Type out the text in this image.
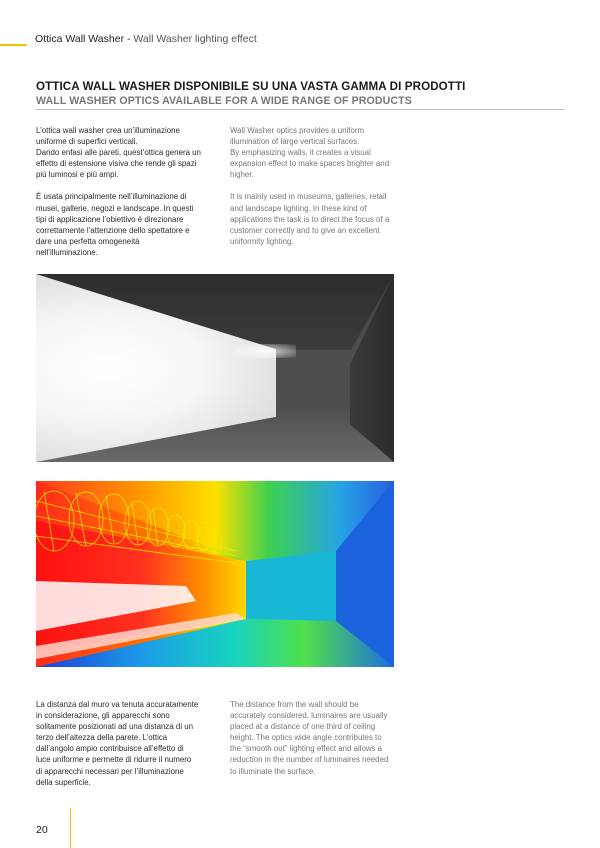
Ottica Wall Washer - Wall Washer lighting effect
OTTICA WALL WASHER DISPONIBILE SU UNA VASTA GAMMA DI PRODOTTI
WALL WASHER OPTICS AVAILABLE FOR A WIDE RANGE OF PRODUCTS

L’ottica wall washer crea un’illuminazione
uniforme di superfici verticali.
Dando enfasi alle pareti, quest’ottica genera un
effetto di estensione visiva che rende gli spazi
più luminosi e più ampi.

È usata principalmente nell’illuminazione di
musei, gallerie, negozi e landscape. In questi
tipi di applicazione l’obiettivo è direzionare
correttamente l’attenzione dello spettatore e
dare una perfetta omogeneità
nell’illuminazione.

Wall Washer optics provides a uniform
illumination of large vertical surfaces.
By emphasizing walls, it creates a visual
expansion effect to make spaces brighter and
higher.

It is mainly used in museums, galleries, retail
and landscape lighting. In these kind of
applications the task is to direct the focus of a
customer correctly and to give an excellent
uniformity lighting.

La distanza dal muro va tenuta accuratamente
in considerazione, gli apparecchi sono
solitamente posizionati ad una distanza di un
terzo dell’altezza della parete. L’ottica
dall’angolo ampio contribuisce all’effetto di
luce uniforme e permette di ridurre il numero
di apparecchi necessari per l’illuminazione
della superficie.

The distance from the wall should be
accurately considered, luminaires are usually
placed at a distance of one third of ceiling
height. The optics wide angle contributes to
the “smooth out” lighting effect and allows a
reduction in the number of luminaires needed
to illuminate the surface.

20
